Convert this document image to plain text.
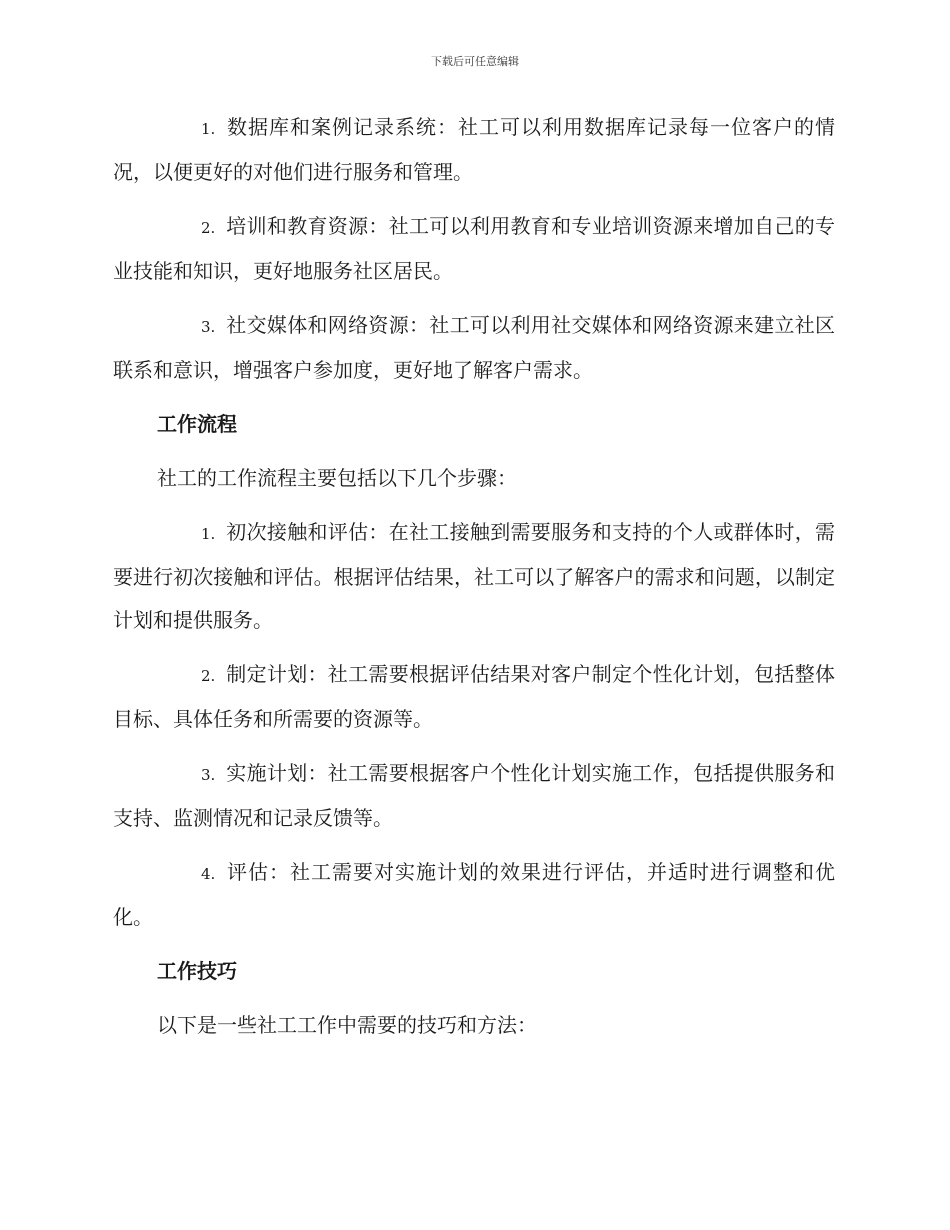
下载后可任意编辑
1. 数据库和案例记录系统：社工可以利用数据库记录每一位客户的情况，以便更好的对他们进行服务和管理。
2. 培训和教育资源：社工可以利用教育和专业培训资源来增加自己的专业技能和知识，更好地服务社区居民。
3. 社交媒体和网络资源：社工可以利用社交媒体和网络资源来建立社区联系和意识，增强客户参加度，更好地了解客户需求。
工作流程
社工的工作流程主要包括以下几个步骤：
1. 初次接触和评估：在社工接触到需要服务和支持的个人或群体时，需要进行初次接触和评估。根据评估结果，社工可以了解客户的需求和问题，以制定计划和提供服务。
2. 制定计划：社工需要根据评估结果对客户制定个性化计划，包括整体目标、具体任务和所需要的资源等。
3. 实施计划：社工需要根据客户个性化计划实施工作，包括提供服务和支持、监测情况和记录反馈等。
4. 评估：社工需要对实施计划的效果进行评估，并适时进行调整和优化。
工作技巧
以下是一些社工工作中需要的技巧和方法：
